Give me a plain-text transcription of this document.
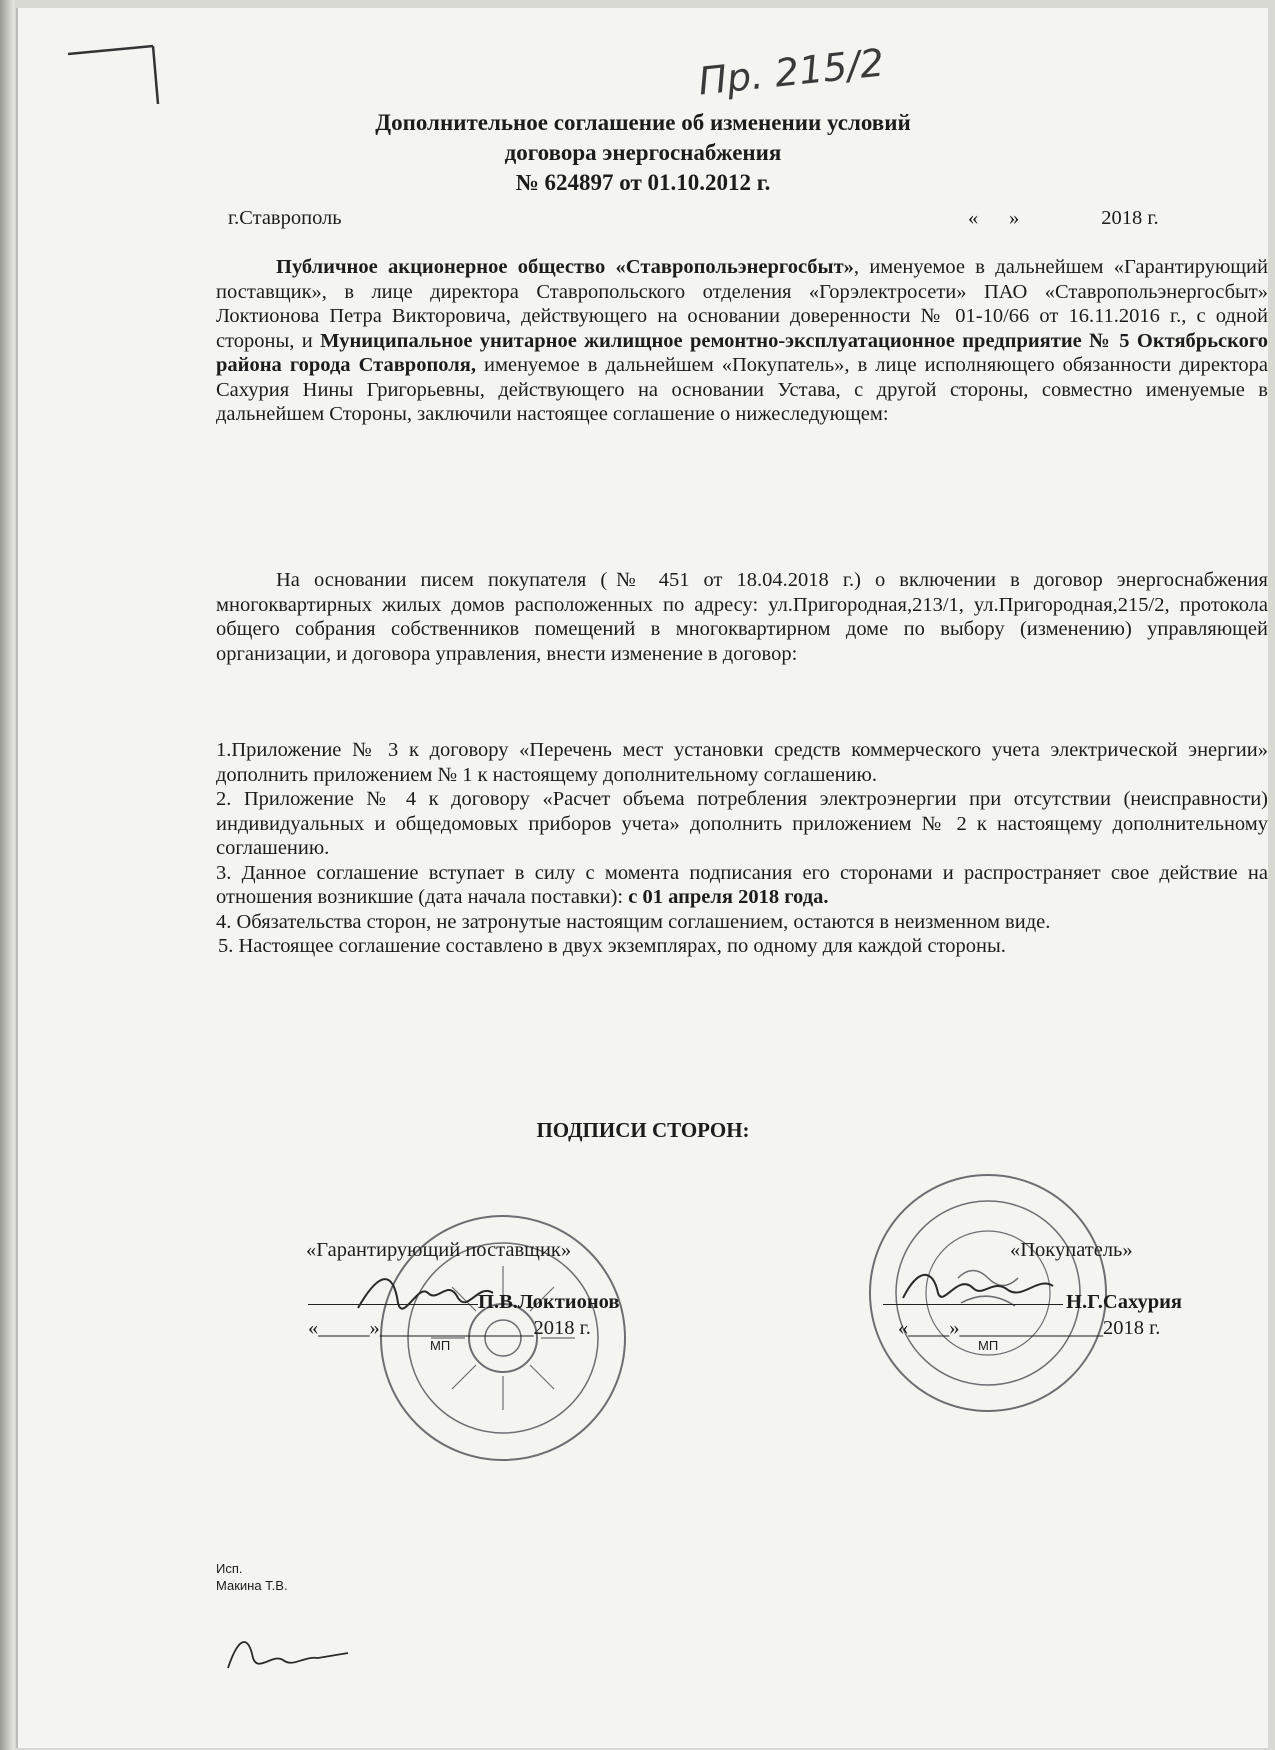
Пр. 215/2
Дополнительное соглашение об изменении условий
договора энергоснабжения
№ 624897 от 01.10.2012 г.
г.Ставрополь	«      »                2018 г.

Публичное акционерное общество «Ставропольэнергосбыт», именуемое в дальнейшем «Гарантирующий поставщик», в лице директора Ставропольского отделения «Горэлектросети» ПАО «Ставропольэнергосбыт» Локтионова Петра Викторовича, действующего на основании доверенности № 01-10/66 от 16.11.2016 г., с одной стороны, и Муниципальное унитарное жилищное ремонтно-эксплуатационное предприятие № 5 Октябрьского района города Ставрополя, именуемое в дальнейшем «Покупатель», в лице исполняющего обязанности директора Сахурия Нины Григорьевны, действующего на основании Устава, с другой стороны, совместно именуемые в дальнейшем Стороны, заключили настоящее соглашение о нижеследующем:

На основании писем покупателя (№ 451 от 18.04.2018 г.) о включении в договор энергоснабжения многоквартирных жилых домов расположенных по адресу: ул.Пригородная,213/1, ул.Пригородная,215/2, протокола общего собрания собственников помещений в многоквартирном доме по выбору (изменению) управляющей организации, и договора управления, внести изменение в договор:

1.Приложение № 3 к договору «Перечень мест установки средств коммерческого учета электрической энергии» дополнить приложением № 1 к настоящему дополнительному соглашению.

2. Приложение № 4 к договору «Расчет объема потребления электроэнергии при отсутствии (неисправности) индивидуальных и общедомовых приборов учета» дополнить приложением № 2 к настоящему дополнительному соглашению.

3. Данное соглашение вступает в силу с момента подписания его сторонами и распространяет свое действие на отношения возникшие (дата начала поставки): с 01 апреля 2018 года.

4. Обязательства сторон, не затронутые настоящим соглашением, остаются в неизменном виде.

5. Настоящее соглашение составлено в двух экземплярах, по одному для каждой стороны.

ПОДПИСИ СТОРОН:
«Гарантирующий поставщик»	«Покупатель»
П.В.Локтионов	Н.Г.Сахурия
«_____»_______________2018 г.
МП
«____»______________2018 г.
МП
Исп.
Макина Т.В.
